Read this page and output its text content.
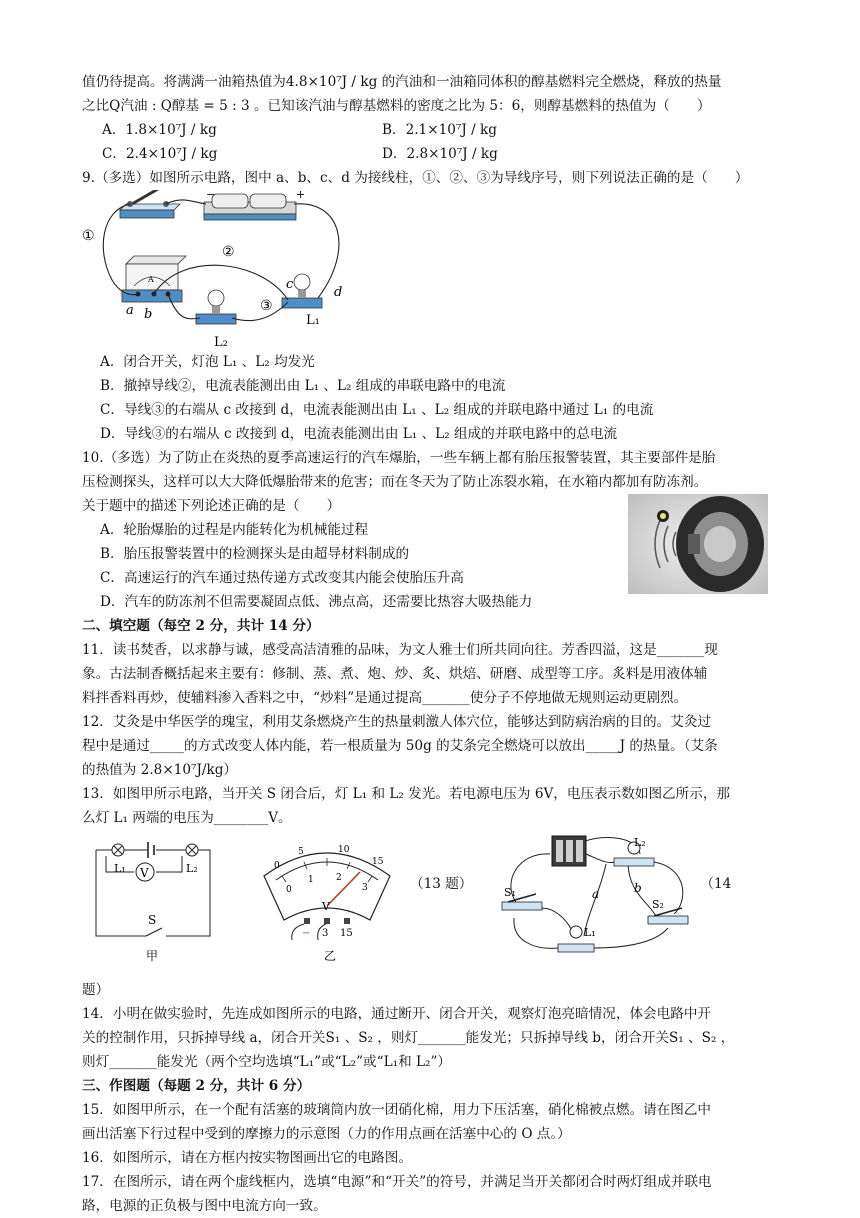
值仍待提高。将满满一油箱热值为4.8×10⁷J / kg 的汽油和一油箱同体积的醇基燃料完全燃烧，释放的热量
之比Q汽油 : Q醇基 = 5 : 3 。已知该汽油与醇基燃料的密度之比为 5：6，则醇基燃料的热值为（　　）
A．1.8×10⁷J / kg	B．2.1×10⁷J / kg
C．2.4×10⁷J / kg	D．2.8×10⁷J / kg
9.（多选）如图所示电路，图中 a、b、c、d 为接线柱，①、②、③为导线序号，则下列说法正确的是（　　）
−	+
A
①
②
③
a b
c
d
L₁
L₂
A．闭合开关，灯泡 L₁ 、L₂ 均发光
B．撤掉导线②，电流表能测出由 L₁ 、L₂ 组成的串联电路中的电流
C．导线③的右端从 c 改接到 d，电流表能测出由 L₁ 、L₂ 组成的并联电路中通过 L₁ 的电流
D．导线③的右端从 c 改接到 d，电流表能测出由 L₁ 、L₂ 组成的并联电路中的总电流
10.（多选）为了防止在炎热的夏季高速运行的汽车爆胎，一些车辆上都有胎压报警装置，其主要部件是胎
压检测探头，这样可以大大降低爆胎带来的危害；而在冬天为了防止冻裂水箱，在水箱内都加有防冻剂。
关于题中的描述下列论述正确的是（　　）
A．轮胎爆胎的过程是内能转化为机械能过程
B．胎压报警装置中的检测探头是由超导材料制成的
C．高速运行的汽车通过热传递方式改变其内能会使胎压升高
D．汽车的防冻剂不但需要凝固点低、沸点高，还需要比热容大吸热能力
二、填空题（每空 2 分，共计 14 分）
11．读书焚香，以求静与诚，感受高洁清雅的品味，为文人雅士们所共同向往。芳香四溢，这是_______现
象。古法制香概括起来主要有：修制、蒸、煮、炮、炒、炙、烘焙、研磨、成型等工序。炙料是用液体辅
料拌香料再炒，使辅料渗入香料之中，“炒料”是通过提高_______使分子不停地做无规则运动更剧烈。
12．艾灸是中华医学的瑰宝，利用艾条燃烧产生的热量刺激人体穴位，能够达到防病治病的目的。艾灸过
程中是通过_____的方式改变人体内能，若一根质量为 50g 的艾条完全燃烧可以放出_____J 的热量。（艾条
的热值为 2.8×10⁷J/kg）
13．如图甲所示电路，当开关 S 闭合后，灯 L₁ 和 L₂ 发光。若电源电压为 6V，电压表示数如图乙所示，那
么灯 L₁ 两端的电压为________V。
V
L₁	L₂
S
甲
0
5	10
15
0
1 2
3
V
− 3 15
乙
（13 题）
L₂
L₁
S₁
S₂
a	b	（14
题）
14．小明在做实验时，先连成如图所示的电路，通过断开、闭合开关，观察灯泡亮暗情况，体会电路中开
关的控制作用，只拆掉导线 a，闭合开关S₁ 、S₂ ，则灯_______能发光；只拆掉导线 b，闭合开关S₁ 、S₂ ，
则灯_______能发光（两个空均选填“L₁”或“L₂”或“L₁和 L₂”）
三、作图题（每题 2 分，共计 6 分）
15．如图甲所示，在一个配有活塞的玻璃筒内放一团硝化棉，用力下压活塞，硝化棉被点燃。请在图乙中
画出活塞下行过程中受到的摩擦力的示意图（力的作用点画在活塞中心的 O 点。）
16．如图所示，请在方框内按实物图画出它的电路图。
17．在图所示，请在两个虚线框内，选填“电源”和“开关”的符号，并满足当开关都闭合时两灯组成并联电
路，电源的正负极与图中电流方向一致。
